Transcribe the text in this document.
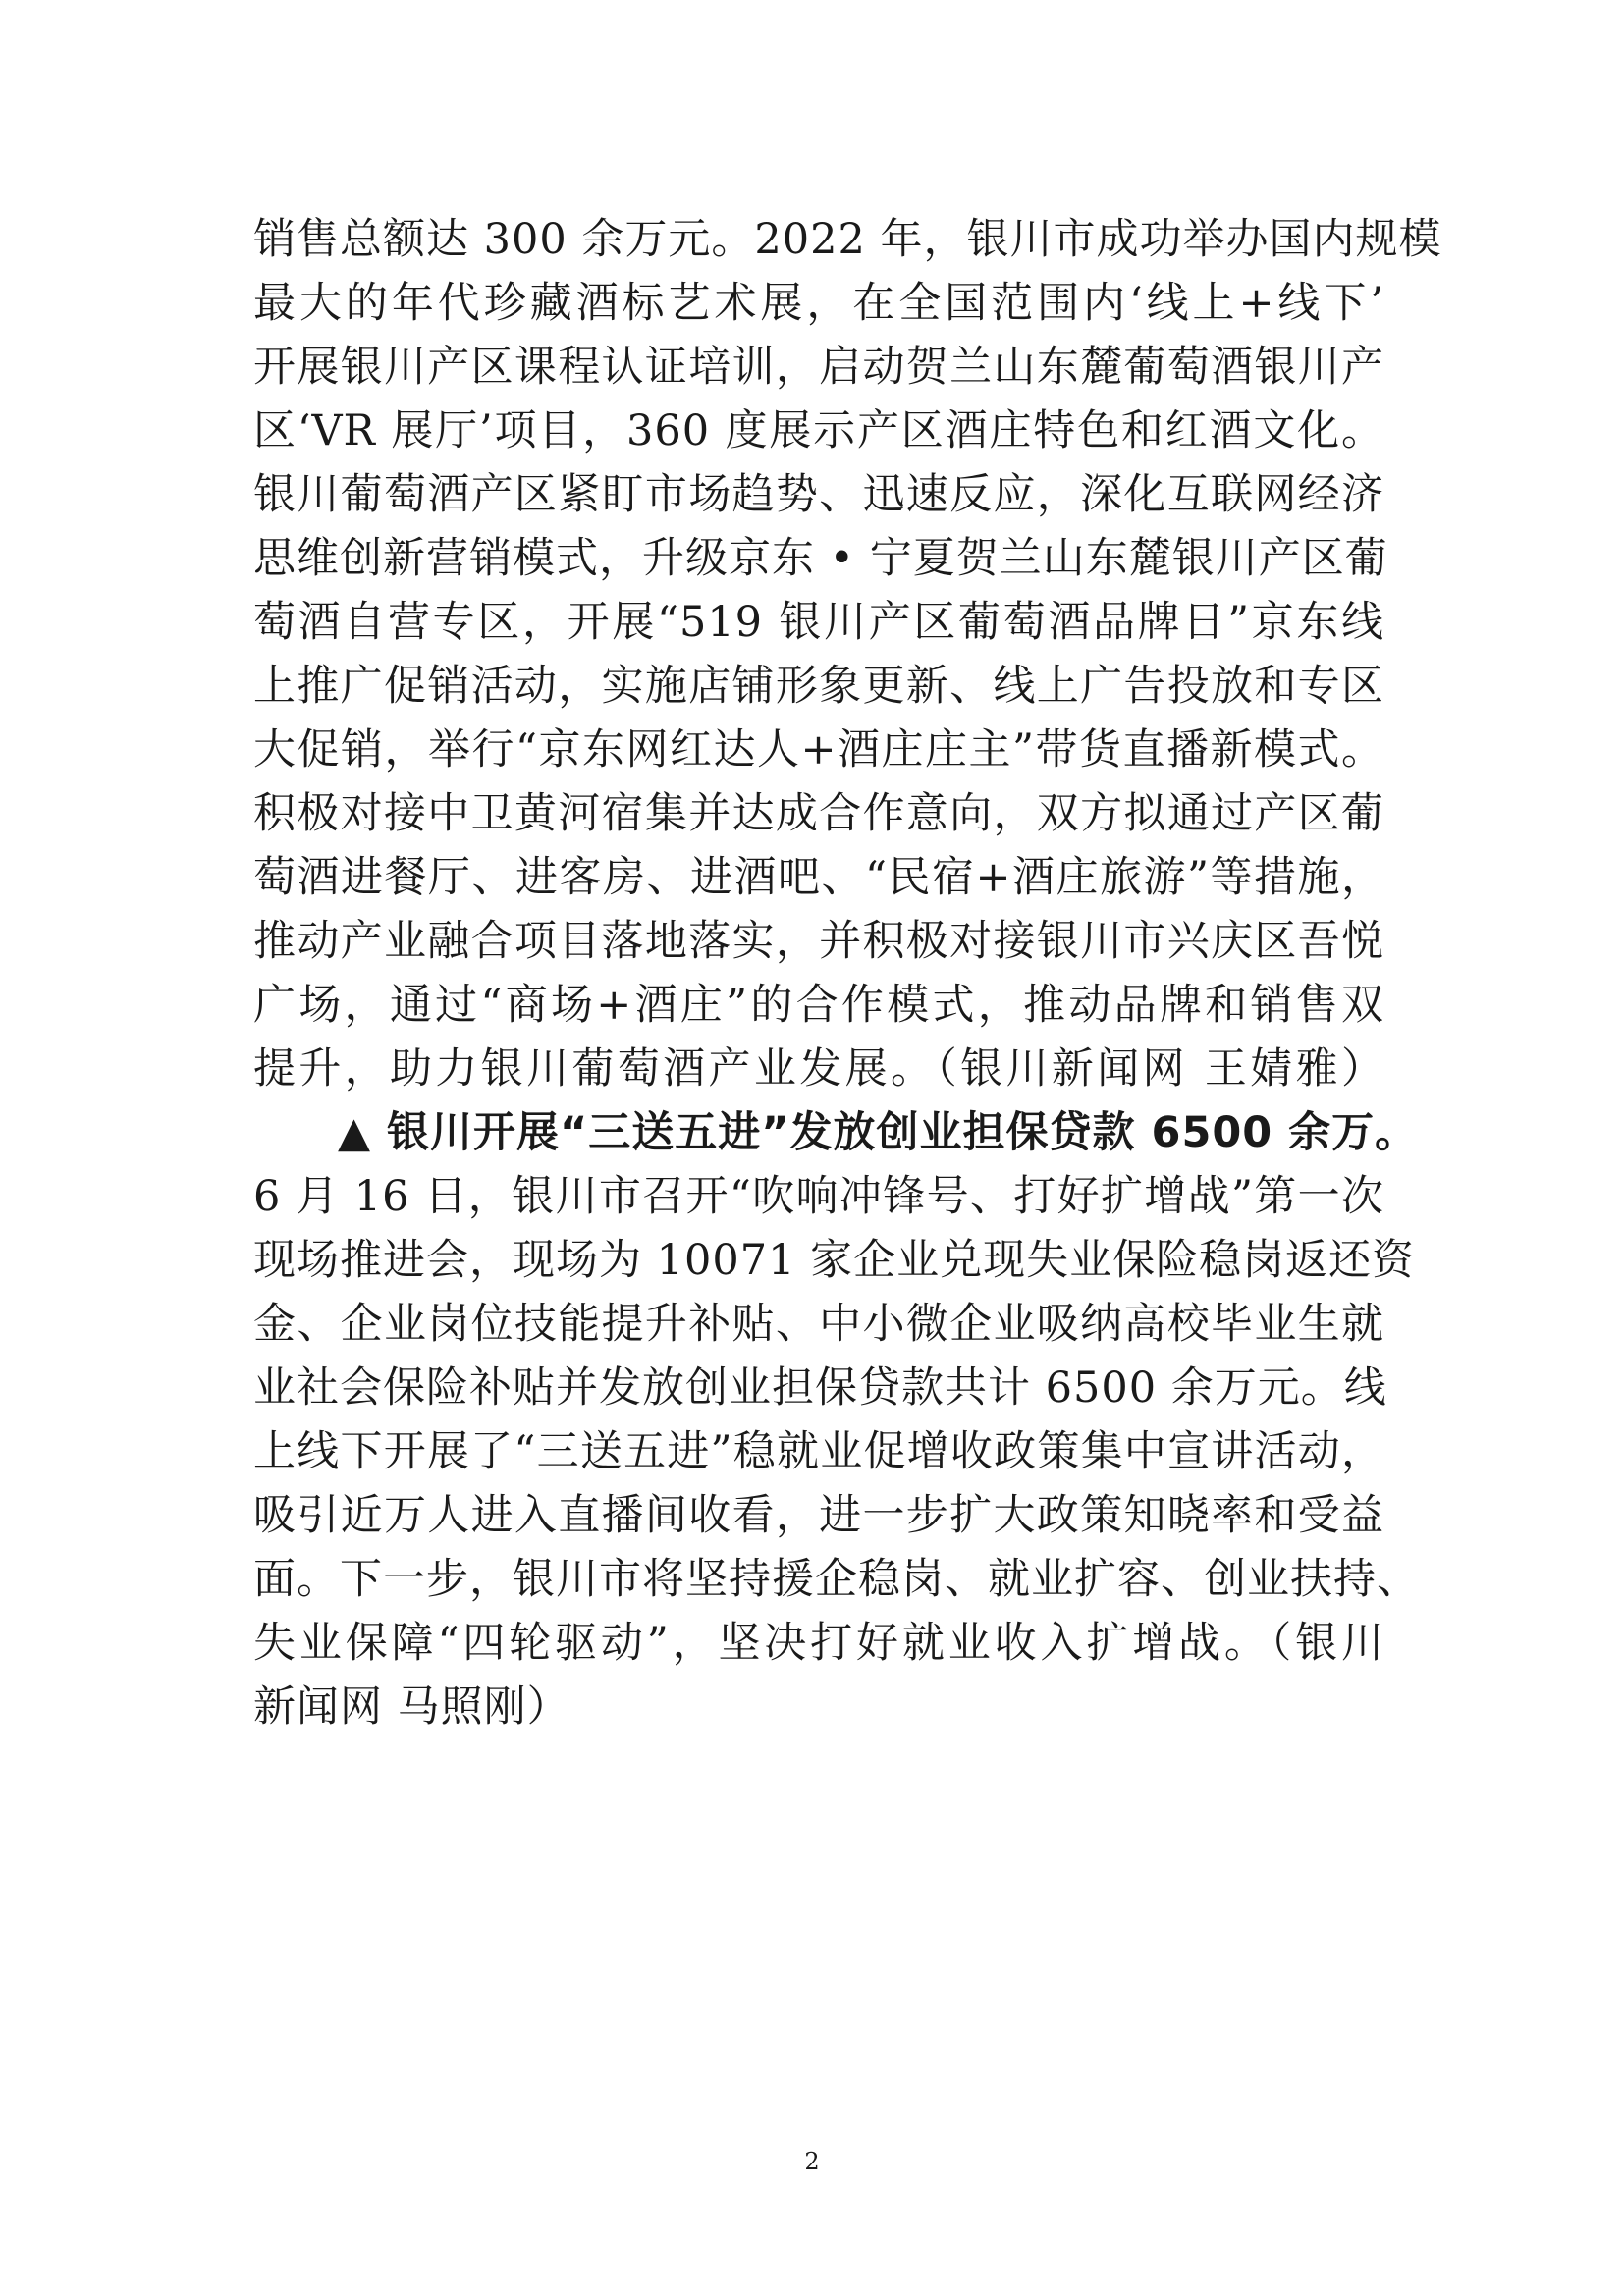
销售总额达 300 余万元。2022 年，银川市成功举办国内规模
最大的年代珍藏酒标艺术展，在全国范围内‘线上+线下’
开展银川产区课程认证培训，启动贺兰山东麓葡萄酒银川产
区‘VR 展厅’项目，360 度展示产区酒庄特色和红酒文化。
银川葡萄酒产区紧盯市场趋势、迅速反应，深化互联网经济
思维创新营销模式，升级京东 • 宁夏贺兰山东麓银川产区葡
萄酒自营专区，开展“519 银川产区葡萄酒品牌日”京东线
上推广促销活动，实施店铺形象更新、线上广告投放和专区
大促销，举行“京东网红达人+酒庄庄主”带货直播新模式。
积极对接中卫黄河宿集并达成合作意向，双方拟通过产区葡
萄酒进餐厅、进客房、进酒吧、“民宿+酒庄旅游”等措施，
推动产业融合项目落地落实，并积极对接银川市兴庆区吾悦
广场，通过“商场+酒庄”的合作模式，推动品牌和销售双
提升，助力银川葡萄酒产业发展。（银川新闻网 王婧雅）
▲ 银川开展“三送五进”发放创业担保贷款 6500 余万。
6 月 16 日，银川市召开“吹响冲锋号、打好扩增战”第一次
现场推进会，现场为 10071 家企业兑现失业保险稳岗返还资
金、企业岗位技能提升补贴、中小微企业吸纳高校毕业生就
业社会保险补贴并发放创业担保贷款共计 6500 余万元。线
上线下开展了“三送五进”稳就业促增收政策集中宣讲活动，
吸引近万人进入直播间收看，进一步扩大政策知晓率和受益
面。下一步，银川市将坚持援企稳岗、就业扩容、创业扶持、
失业保障“四轮驱动”，坚决打好就业收入扩增战。（银川
新闻网 马照刚）
2
